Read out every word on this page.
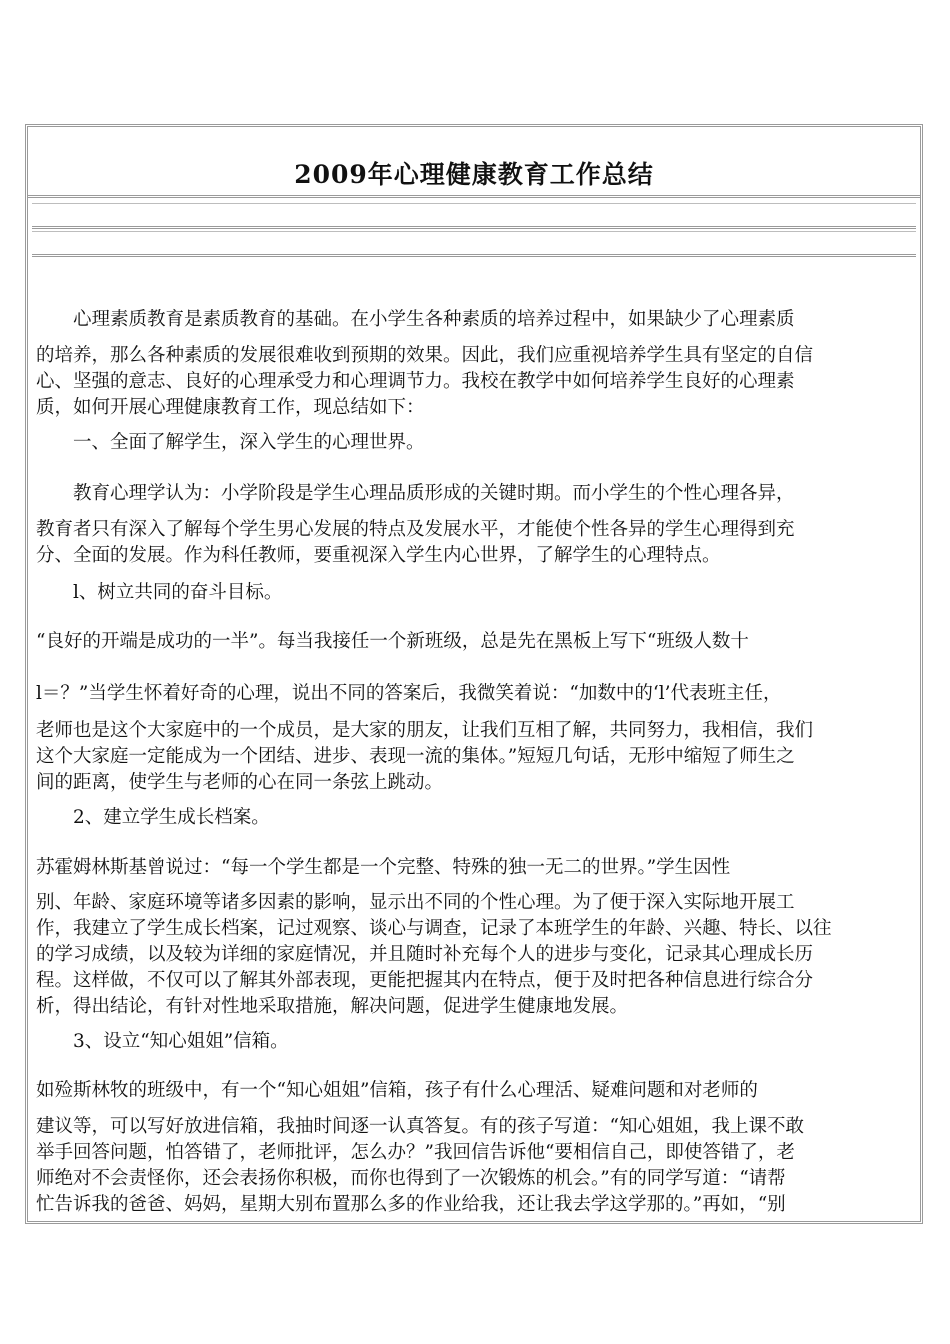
2009年心理健康教育工作总结

　　心理素质教育是素质教育的基础。在小学生各种素质的培养过程中，如果缺少了心理素质

的培养，那么各种素质的发展很难收到预期的效果。因此，我们应重视培养学生具有坚定的自信

心、坚强的意志、良好的心理承受力和心理调节力。我校在教学中如何培养学生良好的心理素

质，如何开展心理健康教育工作，现总结如下：

　　一、全面了解学生，深入学生的心理世界。

　　教育心理学认为：小学阶段是学生心理品质形成的关键时期。而小学生的个性心理各异，

教育者只有深入了解每个学生男心发展的特点及发展水平，才能使个性各异的学生心理得到充

分、全面的发展。作为科任教师，要重视深入学生内心世界，了解学生的心理特点。

　　l、树立共同的奋斗目标。

“良好的开端是成功的一半”。每当我接任一个新班级，总是先在黑板上写下“班级人数十

l＝？”当学生怀着好奇的心理，说出不同的答案后，我微笑着说：“加数中的‘l’代表班主任，

老师也是这个大家庭中的一个成员，是大家的朋友，让我们互相了解，共同努力，我相信，我们

这个大家庭一定能成为一个团结、进步、表现一流的集体。”短短几句话，无形中缩短了师生之

间的距离，使学生与老师的心在同一条弦上跳动。

　　2、建立学生成长档案。

苏霍姆林斯基曾说过：“每一个学生都是一个完整、特殊的独一无二的世界。”学生因性

别、年龄、家庭环境等诸多因素的影响，显示出不同的个性心理。为了便于深入实际地开展工

作，我建立了学生成长档案，记过观察、谈心与调查，记录了本班学生的年龄、兴趣、特长、以往

的学习成绩，以及较为详细的家庭情况，并且随时补充每个人的进步与变化，记录其心理成长历

程。这样做，不仅可以了解其外部表现，更能把握其内在特点，便于及时把各种信息进行综合分

析，得出结论，有针对性地采取措施，解决问题，促进学生健康地发展。

　　3、设立“知心姐姐”信箱。

如殓斯林牧的班级中，有一个“知心姐姐”信箱，孩子有什么心理活、疑难问题和对老师的

建议等，可以写好放进信箱，我抽时间逐一认真答复。有的孩子写道：“知心姐姐，我上课不敢

举手回答问题，怕答错了，老师批评，怎么办？”我回信告诉他“要相信自己，即使答错了，老

师绝对不会责怪你，还会表扬你积极，而你也得到了一次锻炼的机会。”有的同学写道：“请帮

忙告诉我的爸爸、妈妈，星期大别布置那么多的作业给我，还让我去学这学那的。”再如，“别
